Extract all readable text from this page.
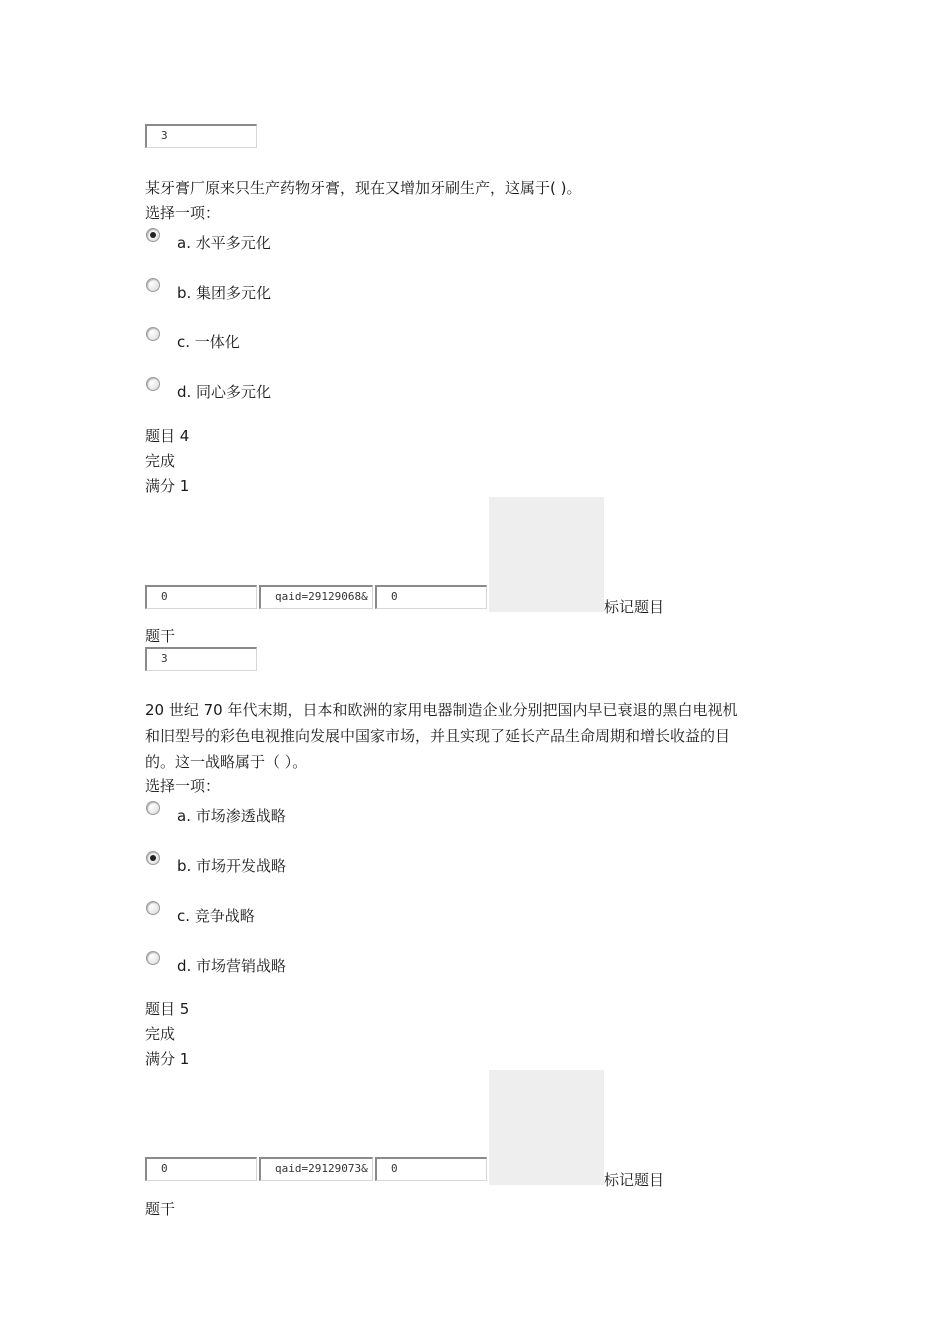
3
某牙膏厂原来只生产药物牙膏，现在又增加牙刷生产，这属于( )。
选择一项：
a. 水平多元化
b. 集团多元化
c. 一体化
d. 同心多元化
题目 4
完成
满分 1
0	qaid=29129068&	0
标记题目
题干
3
20 世纪 70 年代末期，日本和欧洲的家用电器制造企业分别把国内早已衰退的黑白电视机
和旧型号的彩色电视推向发展中国家市场，并且实现了延长产品生命周期和增长收益的目
的。这一战略属于（ ）。
选择一项：
a. 市场渗透战略
b. 市场开发战略
c. 竞争战略
d. 市场营销战略
题目 5
完成
满分 1
0	qaid=29129073&	0
标记题目
题干
